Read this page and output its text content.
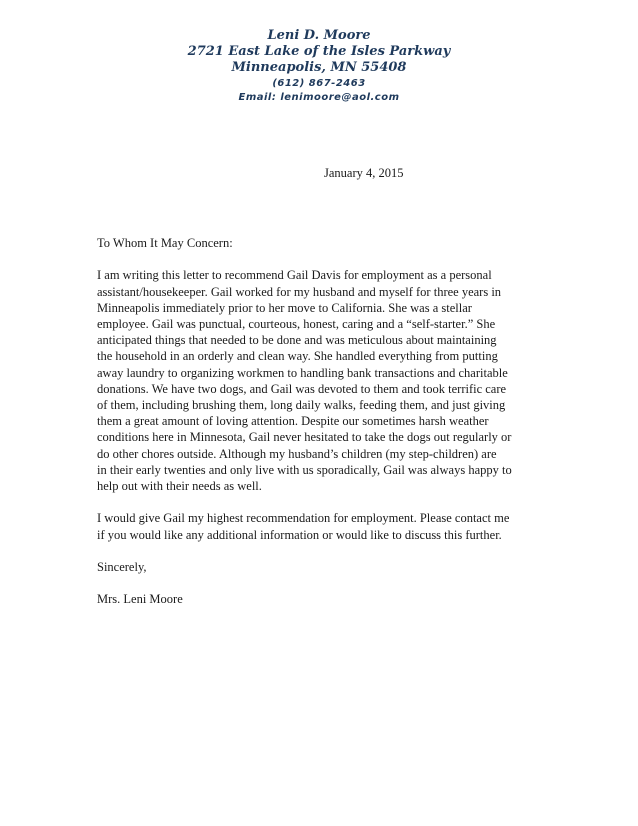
Leni D. Moore
2721 East Lake of the Isles Parkway
Minneapolis, MN 55408
(612) 867-2463
Email: lenimoore@aol.com
January 4, 2015

To Whom It May Concern:

I am writing this letter to recommend Gail Davis for employment as a personal
assistant/housekeeper. Gail worked for my husband and myself for three years in
Minneapolis immediately prior to her move to California. She was a stellar
employee. Gail was punctual, courteous, honest, caring and a “self-starter.” She
anticipated things that needed to be done and was meticulous about maintaining
the household in an orderly and clean way. She handled everything from putting
away laundry to organizing workmen to handling bank transactions and charitable
donations. We have two dogs, and Gail was devoted to them and took terrific care
of them, including brushing them, long daily walks, feeding them, and just giving
them a great amount of loving attention. Despite our sometimes harsh weather
conditions here in Minnesota, Gail never hesitated to take the dogs out regularly or
do other chores outside. Although my husband’s children (my step-children) are
in their early twenties and only live with us sporadically, Gail was always happy to
help out with their needs as well.

I would give Gail my highest recommendation for employment. Please contact me
if you would like any additional information or would like to discuss this further.

Sincerely,

Mrs. Leni Moore
